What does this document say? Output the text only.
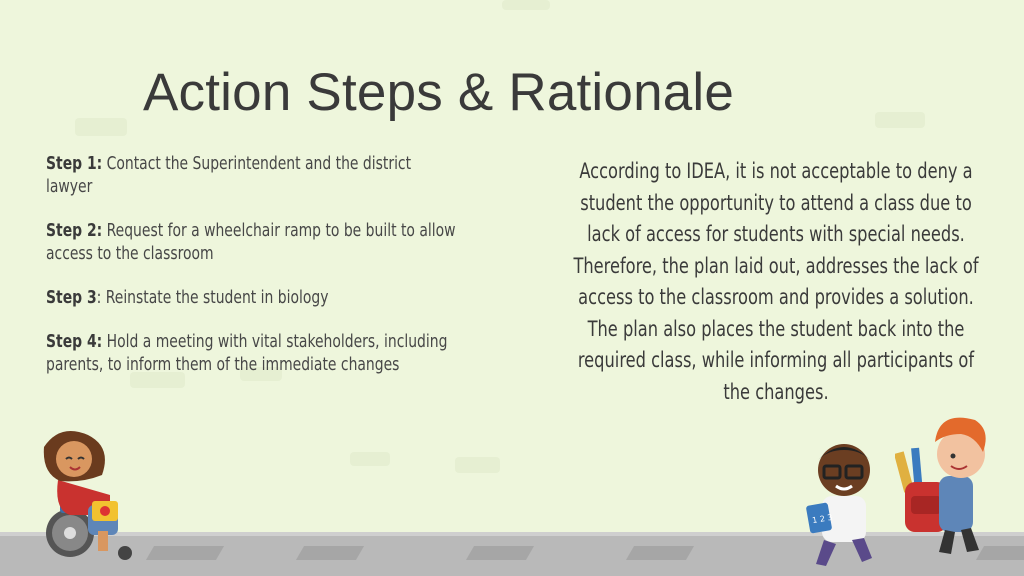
Action Steps & Rationale

Step 1: Contact the Superintendent and the district lawyer

Step 2: Request for a wheelchair ramp to be built to allow access to the classroom

Step 3: Reinstate the student in biology

Step 4: Hold a meeting with vital stakeholders, including parents, to inform them of the immediate changes

According to IDEA, it is not acceptable to deny a student the opportunity to attend a class due to lack of access for students with special needs. Therefore, the plan laid out, addresses the lack of access to the classroom and provides a solution. The plan also places the student back into the required class, while informing all participants of the changes.
1 2 3
